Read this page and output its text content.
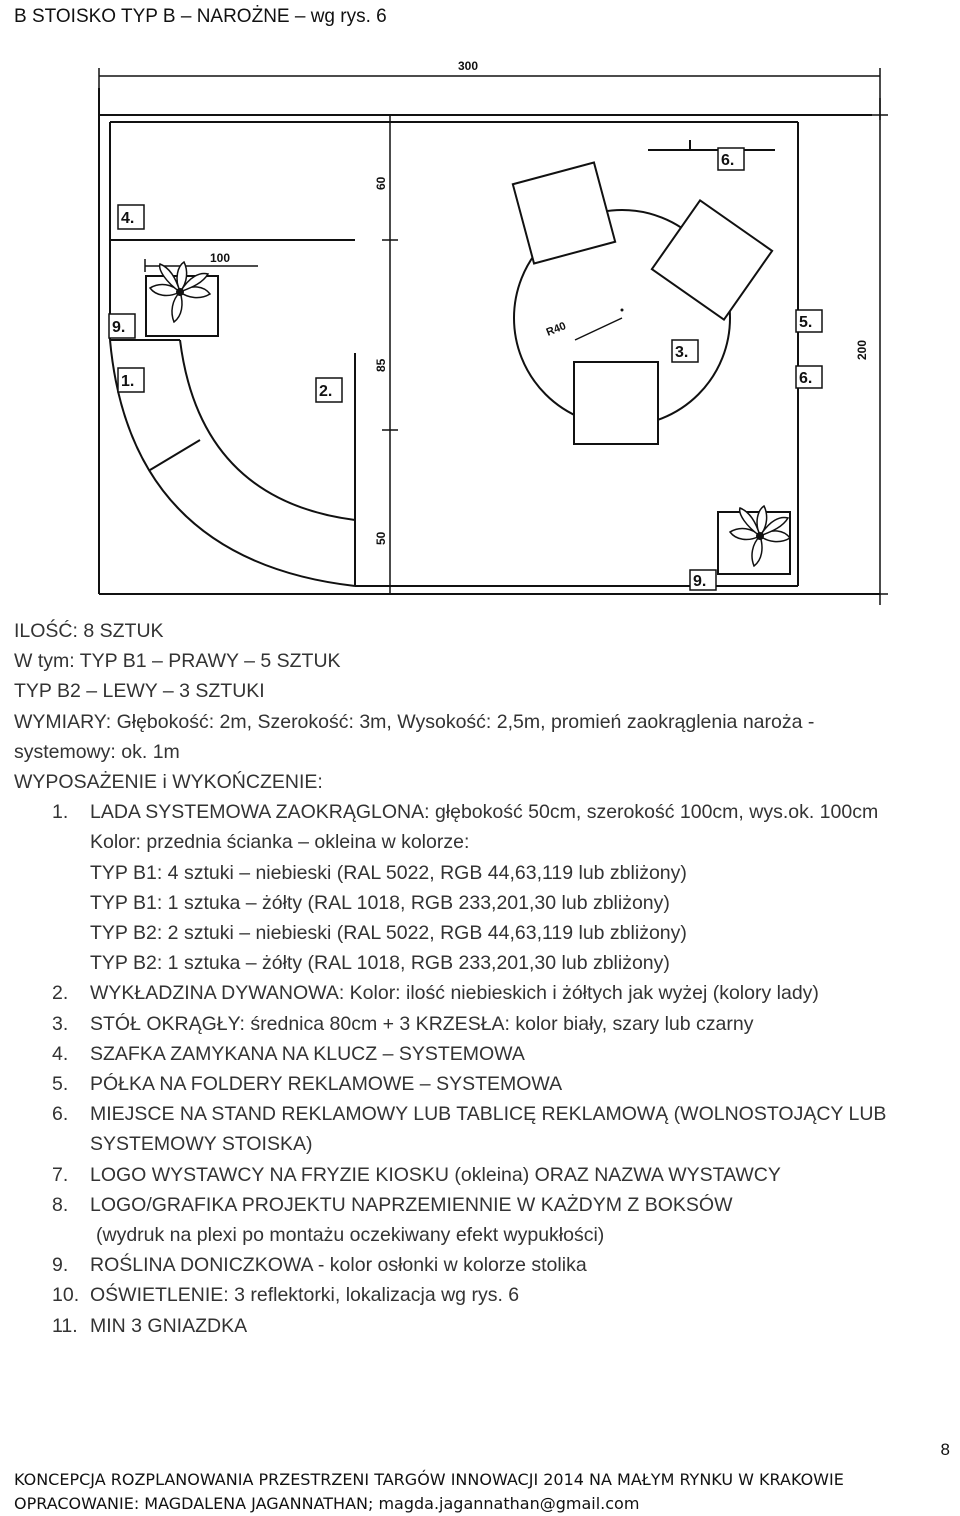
B STOISKO TYP B – NAROŻNE – wg rys. 6
300
200
60
85
50
100
R40
4.
9.
1.
2.
6.
3.
5.
6.
9.
ILOŚĆ: 8 SZTUK
W tym: TYP B1 – PRAWY – 5 SZTUK
TYP B2 – LEWY – 3 SZTUKI
WYMIARY: Głębokość: 2m, Szerokość: 3m, Wysokość: 2,5m, promień zaokrąglenia naroża -
systemowy: ok. 1m
WYPOSAŻENIE i WYKOŃCZENIE:
1. LADA SYSTEMOWA ZAOKRĄGLONA: głębokość 50cm, szerokość 100cm, wys.ok. 100cm
Kolor: przednia ścianka – okleina w kolorze:
TYP B1: 4 sztuki – niebieski (RAL 5022, RGB 44,63,119 lub zbliżony)
TYP B1: 1 sztuka – żółty (RAL 1018, RGB 233,201,30 lub zbliżony)
TYP B2: 2 sztuki – niebieski (RAL 5022, RGB 44,63,119 lub zbliżony)
TYP B2: 1 sztuka – żółty (RAL 1018, RGB 233,201,30 lub zbliżony)
2. WYKŁADZINA DYWANOWA: Kolor: ilość niebieskich i żółtych jak wyżej (kolory lady)
3. STÓŁ OKRĄGŁY: średnica 80cm + 3 KRZESŁA: kolor biały, szary lub czarny
4. SZAFKA ZAMYKANA NA KLUCZ – SYSTEMOWA
5. PÓŁKA NA FOLDERY REKLAMOWE – SYSTEMOWA
6. MIEJSCE NA STAND REKLAMOWY LUB TABLICĘ REKLAMOWĄ (WOLNOSTOJĄCY LUB
SYSTEMOWY STOISKA)
7. LOGO WYSTAWCY NA FRYZIE KIOSKU (okleina) ORAZ NAZWA WYSTAWCY
8. LOGO/GRAFIKA PROJEKTU NAPRZEMIENNIE W KAŻDYM Z BOKSÓW
(wydruk na plexi po montażu oczekiwany efekt wypukłości)
9. ROŚLINA DONICZKOWA - kolor osłonki w kolorze stolika
10. OŚWIETLENIE: 3 reflektorki, lokalizacja wg rys. 6
11. MIN 3 GNIAZDKA
8
KONCEPCJA ROZPLANOWANIA PRZESTRZENI TARGÓW INNOWACJI 2014 NA MAŁYM RYNKU W KRAKOWIE
OPRACOWANIE: MAGDALENA JAGANNATHAN; magda.jagannathan@gmail.com
